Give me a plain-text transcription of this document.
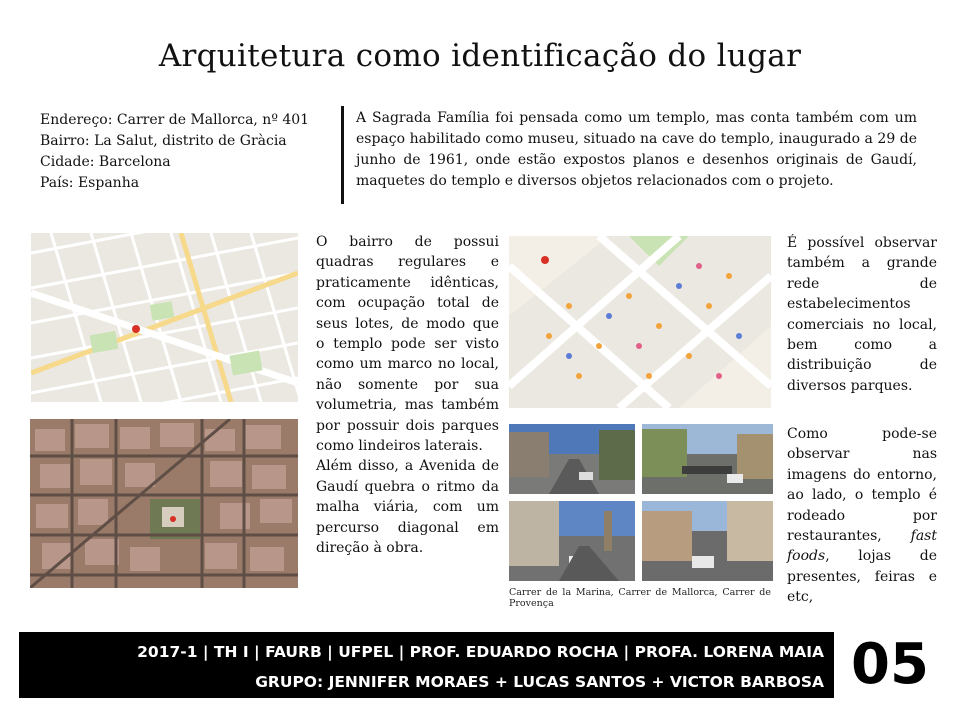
Arquitetura como identificação do lugar
Endereço: Carrer de Mallorca, nº 401
Bairro: La Salut, distrito de Gràcia
Cidade: Barcelona
País: Espanha
A Sagrada Família foi pensada como um templo, mas conta também com um espaço habilitado como museu, situado na cave do templo, inaugurado a 29 de junho de 1961, onde estão expostos planos e desenhos originais de Gaudí, maquetes do templo e diversos objetos relacionados com o projeto.
O bairro de possui quadras regulares e praticamente idênticas, com ocupação total de seus lotes, de modo que o templo pode ser visto como um marco no local, não somente por sua volumetria, mas também por possuir dois parques como lindeiros laterais.
Além disso, a Avenida de Gaudí quebra o ritmo da malha viária, com um percurso diagonal em direção à obra.
Carrer de la Marina, Carrer de Mallorca, Carrer de Provença
É possível observar também a grande rede de estabelecimentos comerciais no local, bem como a distribuição de diversos parques.
Como pode-se observar nas imagens do entorno, ao lado, o templo é rodeado por restaurantes, fast foods, lojas de presentes, feiras e etc,
2017-1 | TH I | FAURB | UFPEL | PROF. EDUARDO ROCHA | PROFA. LORENA MAIA
GRUPO: JENNIFER MORAES + LUCAS SANTOS + VICTOR BARBOSA 05
